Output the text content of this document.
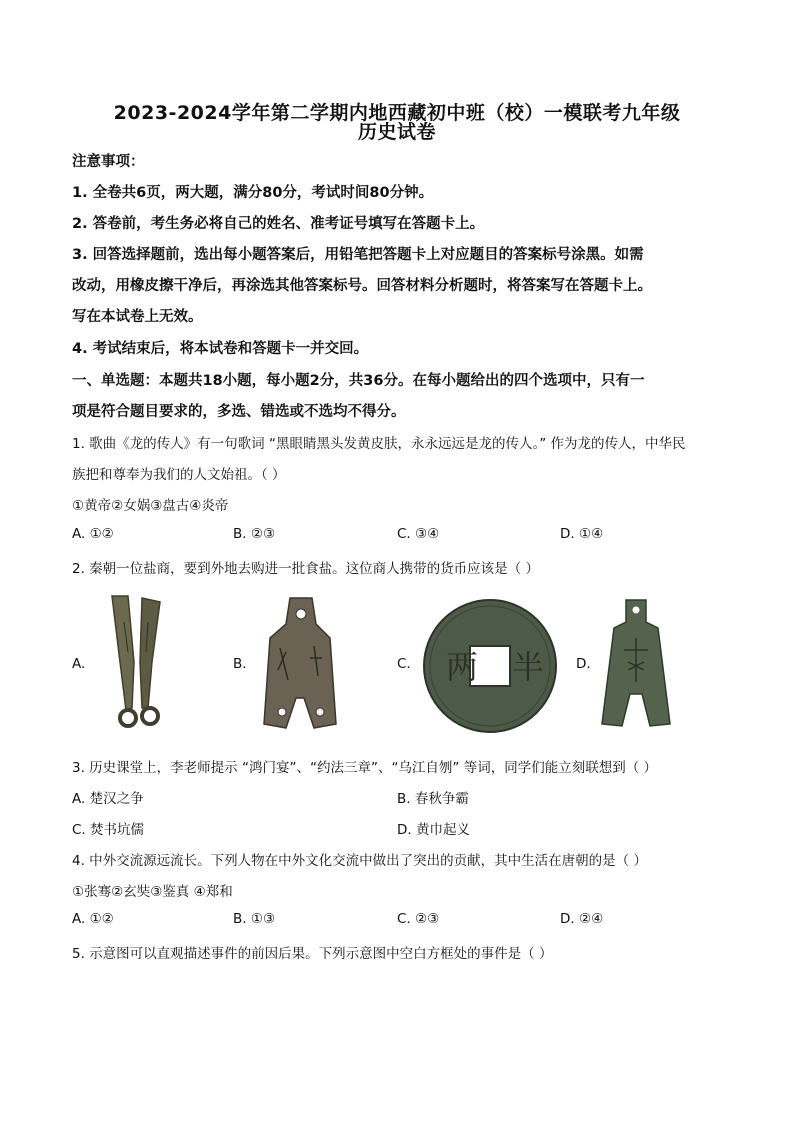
2023-2024学年第二学期内地西藏初中班（校）一模联考九年级
历史试卷
注意事项：
1. 全卷共6页，两大题，满分80分，考试时间80分钟。
2. 答卷前，考生务必将自己的姓名、准考证号填写在答题卡上。
3. 回答选择题前，选出每小题答案后，用铅笔把答题卡上对应题目的答案标号涂黑。如需
改动，用橡皮擦干净后，再涂选其他答案标号。回答材料分析题时，将答案写在答题卡上。
写在本试卷上无效。
4. 考试结束后，将本试卷和答题卡一并交回。
一、单选题：本题共18小题，每小题2分，共36分。在每小题给出的四个选项中，只有一
项是符合题目要求的，多选、错选或不选均不得分。
1. 歌曲《龙的传人》有一句歌词 “黑眼睛黑头发黄皮肤，永永远远是龙的传人。” 作为龙的传人，中华民
族把和尊奉为我们的人文始祖。（ ）
①黄帝②女娲③盘古④炎帝
A. ①②	B. ②③	C. ③④	D. ①④
2. 秦朝一位盐商，要到外地去购进一批食盐。这位商人携带的货币应该是（ ）
A.	B.	C. 两 半 D.
3. 历史课堂上，李老师提示 “鸿门宴”、“约法三章”、“乌江自刎” 等词，同学们能立刻联想到（ ）
A. 楚汉之争	B. 春秋争霸
C. 焚书坑儒	D. 黄巾起义
4. 中外交流源远流长。下列人物在中外文化交流中做出了突出的贡献，其中生活在唐朝的是（ ）
①张骞②玄奘③鉴真 ④郑和
A. ①②	B. ①③	C. ②③	D. ②④
5. 示意图可以直观描述事件的前因后果。下列示意图中空白方框处的事件是（ ）
